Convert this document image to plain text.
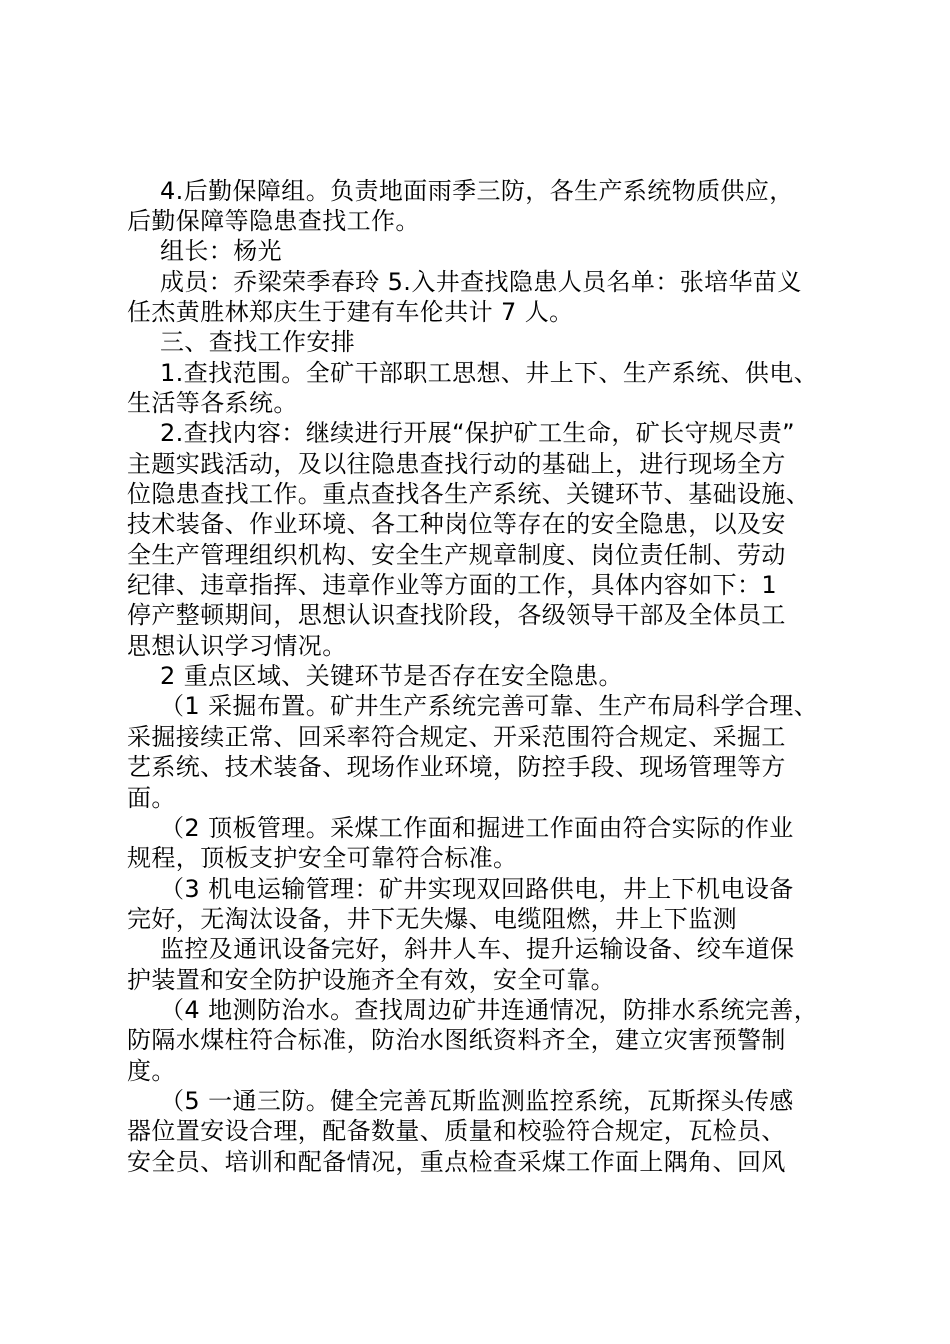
4.后勤保障组。负责地面雨季三防，各生产系统物质供应，
后勤保障等隐患查找工作。
组长：杨光
成员：乔梁荣季春玲 5.入井查找隐患人员名单：张培华苗义
任杰黄胜林郑庆生于建有车伦共计 7 人。
三、查找工作安排
1.查找范围。全矿干部职工思想、井上下、生产系统、供电、
生活等各系统。
2.查找内容：继续进行开展“保护矿工生命，矿长守规尽责”
主题实践活动，及以往隐患查找行动的基础上，进行现场全方
位隐患查找工作。重点查找各生产系统、关键环节、基础设施、
技术装备、作业环境、各工种岗位等存在的安全隐患，以及安
全生产管理组织机构、安全生产规章制度、岗位责任制、劳动
纪律、违章指挥、违章作业等方面的工作，具体内容如下：1
停产整顿期间，思想认识查找阶段，各级领导干部及全体员工
思想认识学习情况。
2 重点区域、关键环节是否存在安全隐患。
（1 采掘布置。矿井生产系统完善可靠、生产布局科学合理、
采掘接续正常、回采率符合规定、开采范围符合规定、采掘工
艺系统、技术装备、现场作业环境，防控手段、现场管理等方
面。
（2 顶板管理。采煤工作面和掘进工作面由符合实际的作业
规程，顶板支护安全可靠符合标准。
（3 机电运输管理：矿井实现双回路供电，井上下机电设备
完好，无淘汰设备，井下无失爆、电缆阻燃，井上下监测
监控及通讯设备完好，斜井人车、提升运输设备、绞车道保
护装置和安全防护设施齐全有效，安全可靠。
（4 地测防治水。查找周边矿井连通情况，防排水系统完善，
防隔水煤柱符合标准，防治水图纸资料齐全，建立灾害预警制
度。
（5 一通三防。健全完善瓦斯监测监控系统，瓦斯探头传感
器位置安设合理，配备数量、质量和校验符合规定，瓦检员、
安全员、培训和配备情况，重点检查采煤工作面上隅角、回风
